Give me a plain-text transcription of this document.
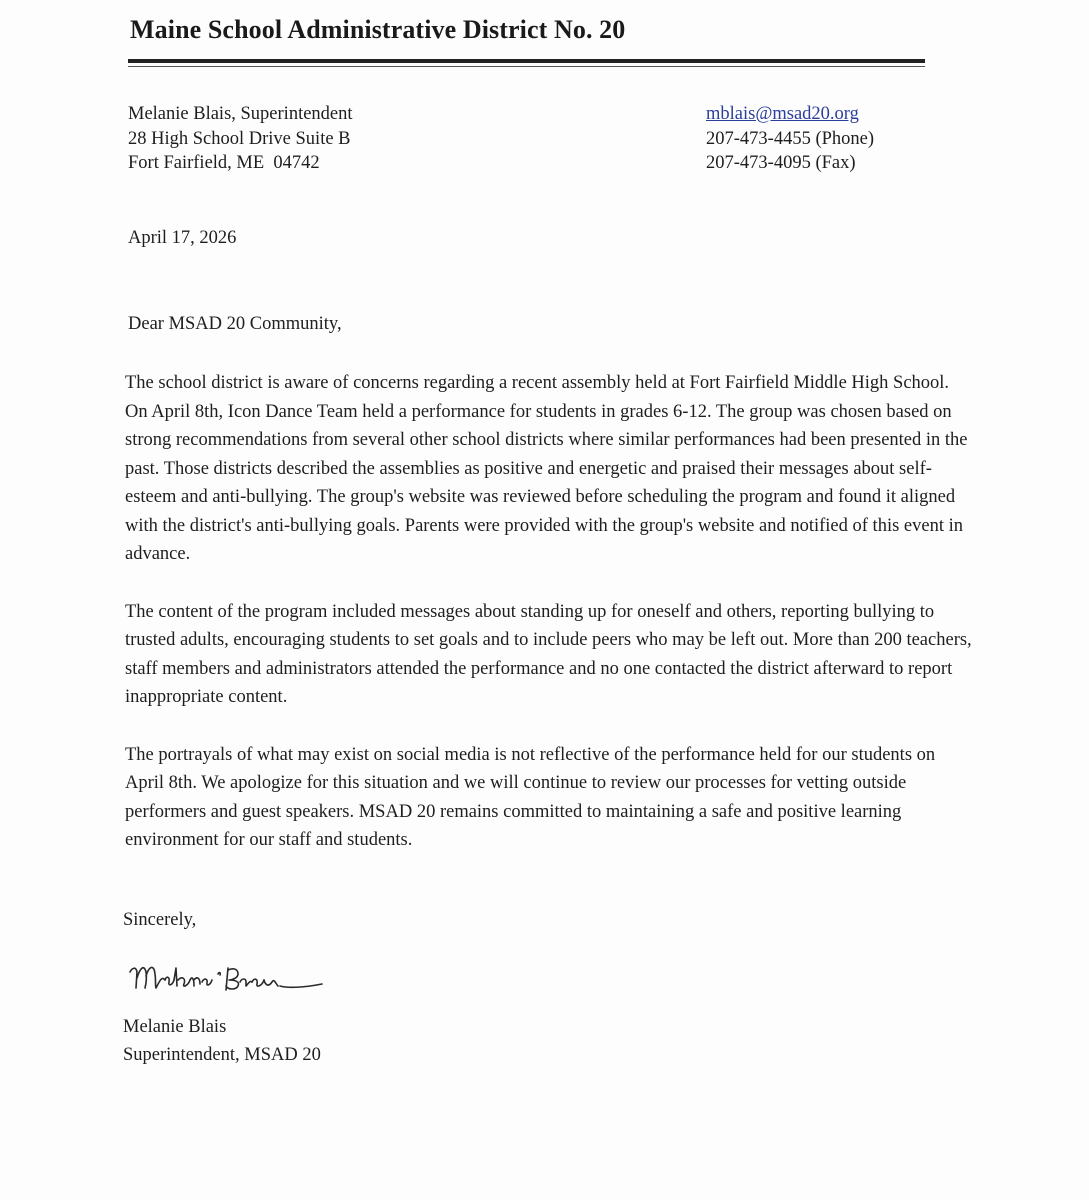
Maine School Administrative District No. 20
Melanie Blais, Superintendent
28 High School Drive Suite B
Fort Fairfield, ME  04742
mblais@msad20.org
207-473-4455 (Phone)
207-473-4095 (Fax)
April 17, 2026
Dear MSAD 20 Community,

The school district is aware of concerns regarding a recent assembly held at Fort Fairfield Middle High School. On April 8th, Icon Dance Team held a performance for students in grades 6-12. The group was chosen based on strong recommendations from several other school districts where similar performances had been presented in the past. Those districts described the assemblies as positive and energetic and praised their messages about self-esteem and anti-bullying. The group's website was reviewed before scheduling the program and found it aligned with the district's anti-bullying goals. Parents were provided with the group's website and notified of this event in advance.

The content of the program included messages about standing up for oneself and others, reporting bullying to trusted adults, encouraging students to set goals and to include peers who may be left out. More than 200 teachers, staff members and administrators attended the performance and no one contacted the district afterward to report inappropriate content.

The portrayals of what may exist on social media is not reflective of the performance held for our students on April 8th. We apologize for this situation and we will continue to review our processes for vetting outside performers and guest speakers. MSAD 20 remains committed to maintaining a safe and positive learning environment for our staff and students.

Sincerely,
Melanie Blais
Superintendent, MSAD 20
